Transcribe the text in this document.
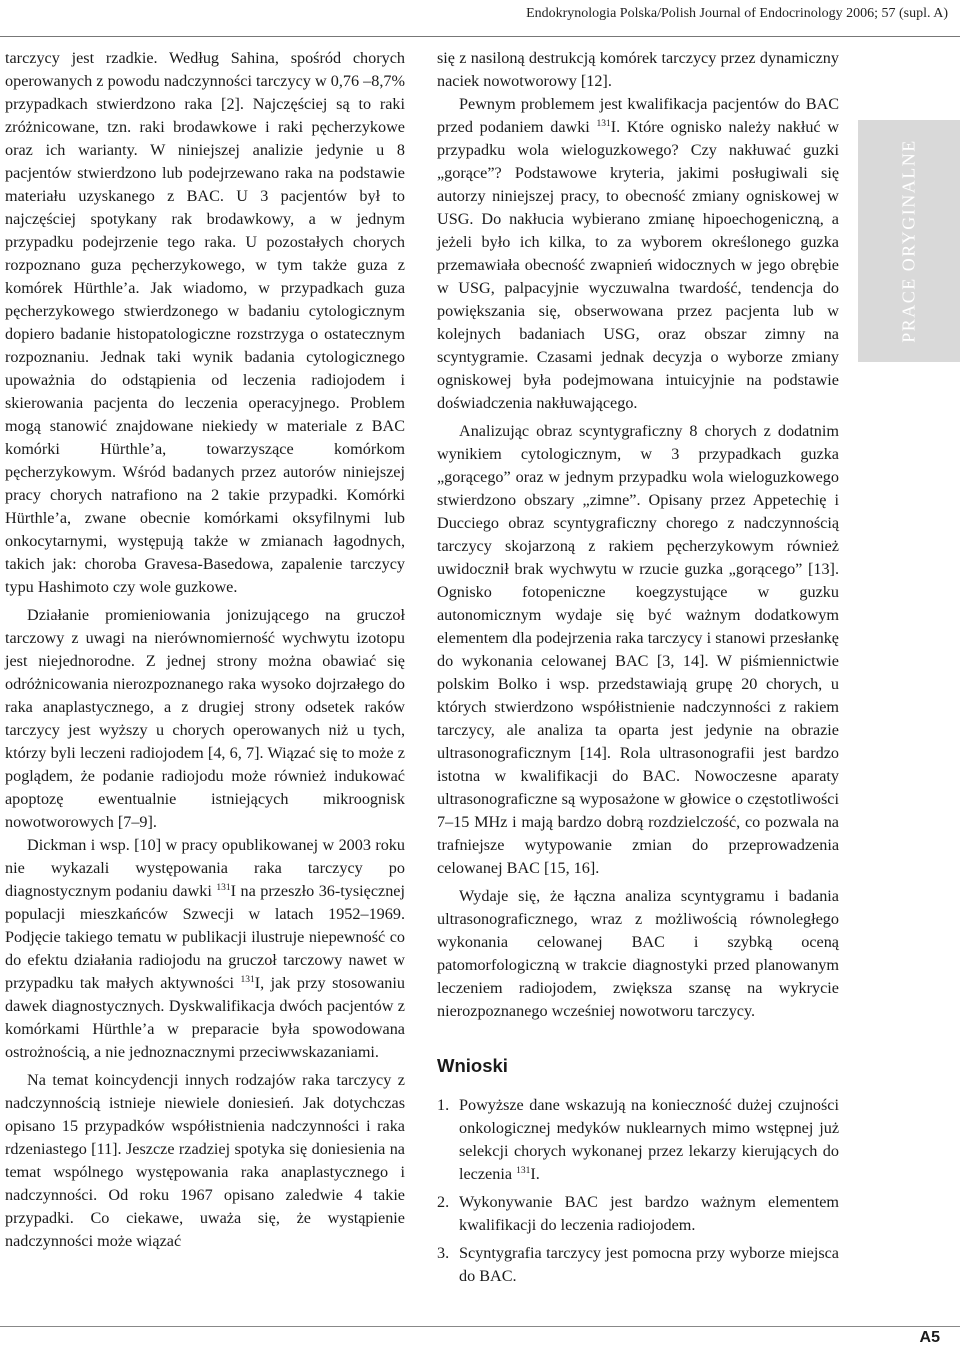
Endokrynologia Polska/Polish Journal of Endocrinology 2006; 57 (supl. A)

tarczycy jest rzadkie. Według Sahina, spośród chorych operowanych z powodu nadczynności tarczycy w 0,76 –8,7% przypadkach stwierdzono raka [2]. Najczęściej są to raki zróżnicowane, tzn. raki brodawkowe i raki pęcherzykowe oraz ich warianty. W niniejszej analizie jedynie u 8 pacjentów stwierdzono lub podejrzewano raka na podstawie materiału uzyskanego z BAC. U 3 pacjentów był to najczęściej spotykany rak brodawkowy, a w jednym przypadku podejrzenie tego raka. U pozostałych chorych rozpoznano guza pęcherzykowego, w tym także guza z komórek Hürthle’a. Jak wiadomo, w przypadkach guza pęcherzykowego stwierdzonego w badaniu cytologicznym dopiero badanie histopatologiczne rozstrzyga o ostatecznym rozpoznaniu. Jednak taki wynik badania cytologicznego upoważnia do odstąpienia od leczenia radiojodem i skierowania pacjenta do leczenia operacyjnego. Problem mogą stanowić znajdowane niekiedy w materiale z BAC komórki Hürthle’a, towarzyszące komórkom pęcherzykowym. Wśród badanych przez autorów niniejszej pracy chorych natrafiono na 2 takie przypadki. Komórki Hürthle’a, zwane obecnie komórkami oksyfilnymi lub onkocytarnymi, występują także w zmianach łagodnych, takich jak: choroba Gravesa-Basedowa, zapalenie tarczycy typu Hashimoto czy wole guzkowe.

Działanie promieniowania jonizującego na gruczoł tarczowy z uwagi na nierównomierność wychwytu izotopu jest niejednorodne. Z jednej strony można obawiać się odróżnicowania nierozpoznanego raka wysoko dojrzałego do raka anaplastycznego, a z drugiej strony odsetek raków tarczycy jest wyższy u chorych operowanych niż u tych, którzy byli leczeni radiojodem [4, 6, 7]. Wiązać się to może z poglądem, że podanie radiojodu może również indukować apoptozę ewentualnie istniejących mikroognisk nowotworowych [7–9].

Dickman i wsp. [10] w pracy opublikowanej w 2003 roku nie wykazali występowania raka tarczycy po diagnostycznym podaniu dawki $^{131}$I na przeszło 36-tysięcznej populacji mieszkańców Szwecji w latach 1952–1969. Podjęcie takiego tematu w publikacji ilustruje niepewność co do efektu działania radiojodu na gruczoł tarczowy nawet w przypadku tak małych aktywności $^{131}$I, jak przy stosowaniu dawek diagnostycznych. Dyskwalifikacja dwóch pacjentów z komórkami Hürthle’a w preparacie była spowodowana ostrożnością, a nie jednoznacznymi przeciwwskazaniami.

Na temat koincydencji innych rodzajów raka tarczycy z nadczynnością istnieje niewiele doniesień. Jak dotychczas opisano 15 przypadków współistnienia nadczynności i raka rdzeniastego [11]. Jeszcze rzadziej spotyka się doniesienia na temat wspólnego występowania raka anaplastycznego i nadczynności. Od roku 1967 opisano zaledwie 4 takie przypadki. Co ciekawe, uważa się, że wystąpienie nadczynności może wiązać

się z nasiloną destrukcją komórek tarczycy przez dynamiczny naciek nowotworowy [12].

Pewnym problemem jest kwalifikacja pacjentów do BAC przed podaniem dawki $^{131}$I. Które ognisko należy nakłuć w przypadku wola wieloguzkowego? Czy nakłuwać guzki „gorące”? Podstawowe kryteria, jakimi posługiwali się autorzy niniejszej pracy, to obecność zmiany ogniskowej w USG. Do nakłucia wybierano zmianę hipoechogeniczną, a jeżeli było ich kilka, to za wyborem określonego guzka przemawiała obecność zwapnień widocznych w jego obrębie w USG, palpacyjnie wyczuwalna twardość, tendencja do powiększania się, obserwowana przez pacjenta lub w kolejnych badaniach USG, oraz obszar zimny na scyntygramie. Czasami jednak decyzja o wyborze zmiany ogniskowej była podejmowana intuicyjnie na podstawie doświadczenia nakłuwającego.

Analizując obraz scyntygraficzny 8 chorych z dodatnim wynikiem cytologicznym, w 3 przypadkach guzka „gorącego” oraz w jednym przypadku wola wieloguzkowego stwierdzono obszary „zimne”. Opisany przez Appetechię i Ducciego obraz scyntygraficzny chorego z nadczynnością tarczycy skojarzoną z rakiem pęcherzykowym również uwidocznił brak wychwytu w rzucie guzka „gorącego” [13]. Ognisko fotopeniczne koegzystujące w guzku autonomicznym wydaje się być ważnym dodatkowym elementem dla podejrzenia raka tarczycy i stanowi przesłankę do wykonania celowanej BAC [3, 14]. W piśmiennictwie polskim Bolko i wsp. przedstawiają grupę 20 chorych, u których stwierdzono współistnienie nadczynności z rakiem tarczycy, ale analiza ta oparta jest jedynie na obrazie ultrasonograficznym [14]. Rola ultrasonografii jest bardzo istotna w kwalifikacji do BAC. Nowoczesne aparaty ultrasonograficzne są wyposażone w głowice o częstotliwości 7–15 MHz i mają bardzo dobrą rozdzielczość, co pozwala na trafniejsze wytypowanie zmian do przeprowadzenia celowanej BAC [15, 16].

Wydaje się, że łączna analiza scyntygramu i badania ultrasonograficznego, wraz z możliwością równoległego wykonania celowanej BAC i szybką oceną patomorfologiczną w trakcie diagnostyki przed planowanym leczeniem radiojodem, zwiększa szansę na wykrycie nierozpoznanego wcześniej nowotworu tarczycy.

Wnioski
1. Powyższe dane wskazują na konieczność dużej czujności onkologicznej medyków nuklearnych mimo wstępnej już selekcji chorych wykonanej przez lekarzy kierujących do leczenia $^{131}$I.
2. Wykonywanie BAC jest bardzo ważnym elementem kwalifikacji do leczenia radiojodem.
3. Scyntygrafia tarczycy jest pomocna przy wyborze miejsca do BAC.
PRACE ORYGINALNE
A5
